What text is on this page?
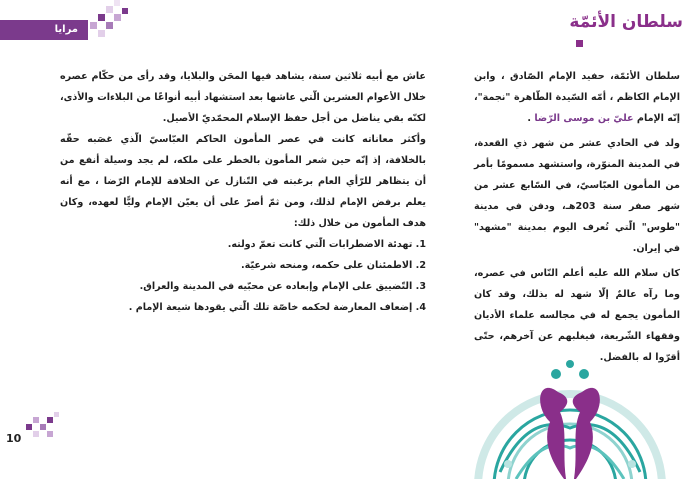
مرايا	سلطان الأئمّة

سلطان الأئمّة، حفيد الإمام الصّادق ، وابن الإمام الكاظم ، أمّه السّيدة الطّاهرة "نجمة"، إنّه الإمام عليّ بن موسى الرّضا .

ولد في الحادي عشر من شهر ذي القعدة، في المدينة المنوّرة، واستشهد مسمومًا بأمر من المأمون العبّاسيّ، في السّابع عشر من شهر صفر سنة 203هـ، ودفن في مدينة "طوس" الّتي تُعرف اليوم بمدينة "مشهد" في إيران.

كان سلام الله عليه أعلم النّاس في عصره، وما رآه عالمٌ إلّا شهد له بذلك، وقد كان المأمون يجمع له في مجالسه علماء الأديان وفقهاء الشّريعة، فيغلبهم عن آخرهم، حتّى أقرّوا له بالفضل.

عاش مع أبيه ثلاثين سنة، يشاهد فيها المحَن والبلايا، وقد رأى من حكّام عصره خلال الأعوام العشرين الّتي عاشها بعد استشهاد أبيه أنواعًا من البلاءات والأذى، لكنّه بقي يناضل من أجل حفظ الإسلام المحمّديّ الأصيل.

وأكثر معاناته كانت في عصر المأمون الحاكم العبّاسيّ الّذي غصَبه حقّه بالخلافة، إذ إنّه حين شعر المأمون بالخطر على ملكه، لم يجد وسيلة أنفع من أن يتظاهر للرّأي العام برغبته في التّنازل عن الخلافة للإمام الرّضا ، مع أنه يعلم برفض الإمام لذلك، ومن ثمّ أصرّ على أن يعيّن الإمام وليًّا لعهده، وكان هدف المأمون من خلال ذلك:

1. تهدئة الاضطرابات الّتي كانت تعمّ دولته.
2. الاطمئنان على حكمه، ومنحه شرعيّة.
3. التّضييق على الإمام وإبعاده عن محبّيه في المدينة والعراق.
4. إضعاف المعارضة لحكمه خاصّة تلك الّتي يقودها شيعة الإمام .
10
